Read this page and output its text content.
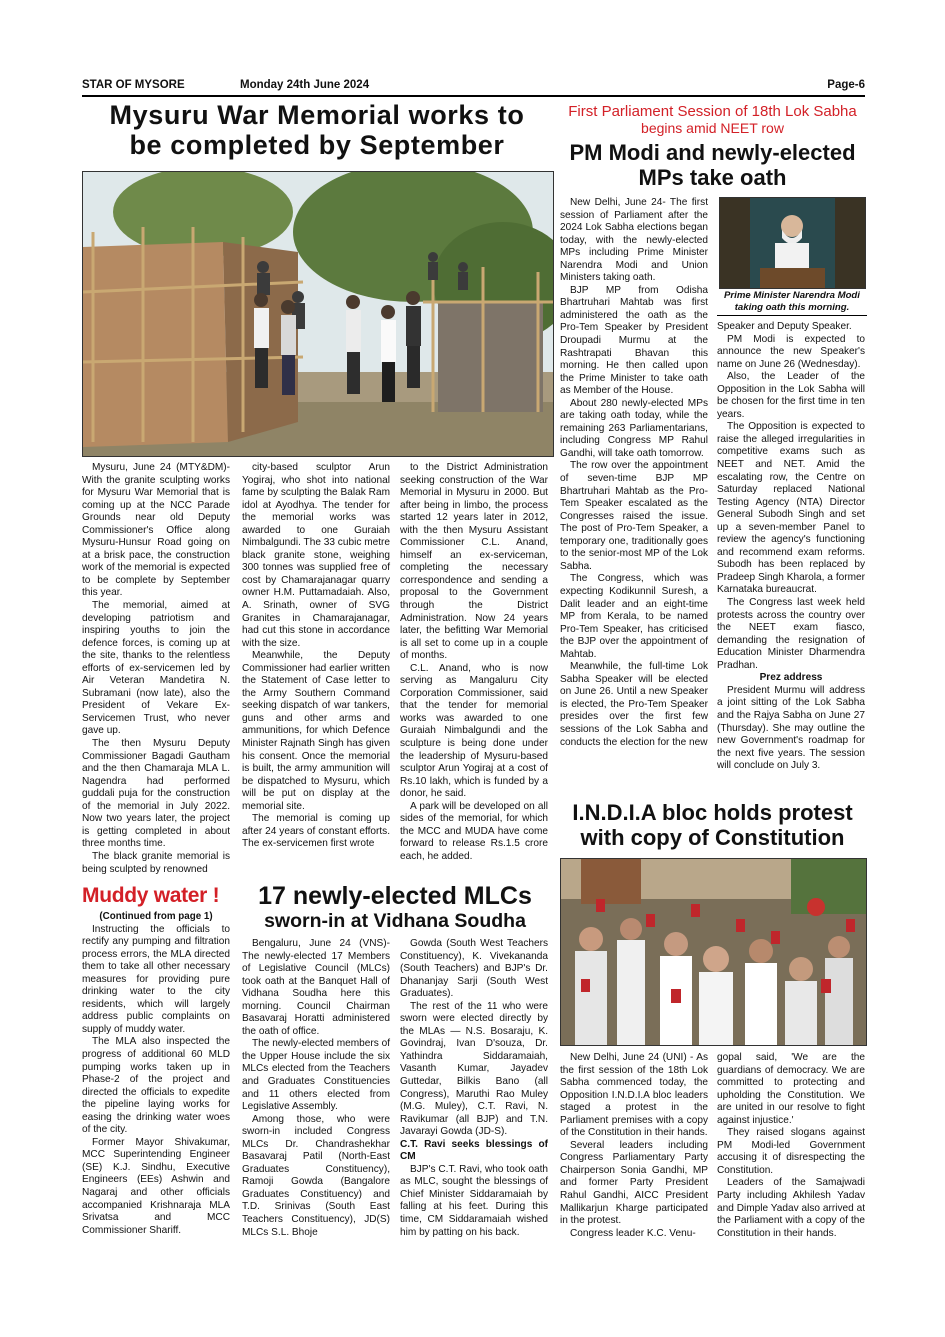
STAR OF MYSORE	Monday 24th June 2024	Page-6
Mysuru War Memorial works to
be completed by September

Mysuru, June 24 (MTY&DM)- With the granite sculpting works for Mysuru War Memorial that is coming up at the NCC Parade Grounds near old Deputy Commissioner's Office along Mysuru-Hunsur Road going on at a brisk pace, the construction work of the memorial is expected to be complete by September this year.

The memorial, aimed at developing patriotism and inspiring youths to join the defence forces, is coming up at the site, thanks to the relentless efforts of ex-servicemen led by Air Veteran Mandetira N. Subramani (now late), also the President of Vekare Ex-Servicemen Trust, who never gave up.

The then Mysuru Deputy Commissioner Bagadi Gautham and the then Chamaraja MLA L. Nagendra had performed guddali puja for the construction of the memorial in July 2022. Now two years later, the project is getting completed in about three months time.

The black granite memorial is being sculpted by renowned

city-based sculptor Arun Yogiraj, who shot into national fame by sculpting the Balak Ram idol at Ayodhya. The tender for the memorial works was awarded to one Guraiah Nimbalgundi. The 33 cubic metre black granite stone, weighing 300 tonnes was supplied free of cost by Chamarajanagar quarry owner H.M. Puttamadaiah. Also, A. Srinath, owner of SVG Granites in Chamarajanagar, had cut this stone in accordance with the size.

Meanwhile, the Deputy Commissioner had earlier written the Statement of Case letter to the Army Southern Command seeking dispatch of war tankers, guns and other arms and ammunitions, for which Defence Minister Rajnath Singh has given his consent. Once the memorial is built, the army ammunition will be dispatched to Mysuru, which will be put on display at the memorial site.

The memorial is coming up after 24 years of constant efforts. The ex-servicemen first wrote

to the District Administration seeking construction of the War Memorial in Mysuru in 2000. But after being in limbo, the process started 12 years later in 2012, with the then Mysuru Assistant Commissioner C.L. Anand, himself an ex-serviceman, completing the necessary correspondence and sending a proposal to the Government through the District Administration. Now 24 years later, the befitting War Memorial is all set to come up in a couple of months.

C.L. Anand, who is now serving as Mangaluru City Corporation Commissioner, said that the tender for memorial works was awarded to one Guraiah Nimbalgundi and the sculpture is being done under the leadership of Mysuru-based sculptor Arun Yogiraj at a cost of Rs.10 lakh, which is funded by a donor, he said.

A park will be developed on all sides of the memorial, for which the MCC and MUDA have come forward to release Rs.1.5 crore each, he added.

Muddy water !

(Continued from page 1)

Instructing the officials to rectify any pumping and filtration process errors, the MLA directed them to take all other necessary measures for providing pure drinking water to the city residents, which will largely address public complaints on supply of muddy water.

The MLA also inspected the progress of additional 60 MLD pumping works taken up in Phase-2 of the project and directed the officials to expedite the pipeline laying works for easing the drinking water woes of the city.

Former Mayor Shivakumar, MCC Superintending Engineer (SE) K.J. Sindhu, Executive Engineers (EEs) Ashwin and Nagaraj and other officials accompanied Krishnaraja MLA Srivatsa and MCC Commissioner Shariff.

17 newly-elected MLCs
sworn-in at Vidhana Soudha

Bengaluru, June 24 (VNS)- The newly-elected 17 Members of Legislative Council (MLCs) took oath at the Banquet Hall of Vidhana Soudha here this morning. Council Chairman Basavaraj Horatti administered the oath of office.

The newly-elected members of the Upper House include the six MLCs elected from the Teachers and Graduates Constituencies and 11 others elected from Legislative Assembly.

Among those, who were sworn-in included Congress MLCs Dr. Chandrashekhar Basavaraj Patil (North-East Graduates Constituency), Ramoji Gowda (Bangalore Graduates Constituency) and T.D. Srinivas (South East Teachers Constituency), JD(S) MLCs S.L. Bhoje

Gowda (South West Teachers Constituency), K. Vivekananda (South Teachers) and BJP's Dr. Dhananjay Sarji (South West Graduates).

The rest of the 11 who were sworn were elected directly by the MLAs — N.S. Bosaraju, K. Govindraj, Ivan D'souza, Dr. Yathindra Siddaramaiah, Vasanth Kumar, Jayadev Guttedar, Bilkis Bano (all Congress), Maruthi Rao Muley (M.G. Muley), C.T. Ravi, N. Ravikumar (all BJP) and T.N. Javarayi Gowda (JD-S).

C.T. Ravi seeks blessings of CM

BJP's C.T. Ravi, who took oath as MLC, sought the blessings of Chief Minister Siddaramaiah by falling at his feet. During this time, CM Siddaramaiah wished him by patting on his back.

First Parliament Session of 18th Lok Sabha
begins amid NEET row
PM Modi and newly-elected
MPs take oath
Prime Minister Narendra Modi
taking oath this morning.

New Delhi, June 24- The first session of Parliament after the 2024 Lok Sabha elections began today, with the newly-elected MPs including Prime Minister Narendra Modi and Union Ministers taking oath.

BJP MP from Odisha Bhartruhari Mahtab was first administered the oath as the Pro-Tem Speaker by President Droupadi Murmu at the Rashtrapati Bhavan this morning. He then called upon the Prime Minister to take oath as Member of the House.

About 280 newly-elected MPs are taking oath today, while the remaining 263 Parliamentarians, including Congress MP Rahul Gandhi, will take oath tomorrow.

The row over the appointment of seven-time BJP MP Bhartruhari Mahtab as the Pro-Tem Speaker escalated as the Congresses raised the issue. The post of Pro-Tem Speaker, a temporary one, traditionally goes to the senior-most MP of the Lok Sabha.

The Congress, which was expecting Kodikunnil Suresh, a Dalit leader and an eight-time MP from Kerala, to be named Pro-Tem Speaker, has criticised the BJP over the appointment of Mahtab.

Meanwhile, the full-time Lok Sabha Speaker will be elected on June 26. Until a new Speaker is elected, the Pro-Tem Speaker presides over the first few sessions of the Lok Sabha and conducts the election for the new

Speaker and Deputy Speaker.

PM Modi is expected to announce the new Speaker's name on June 26 (Wednesday).

Also, the Leader of the Opposition in the Lok Sabha will be chosen for the first time in ten years.

The Opposition is expected to raise the alleged irregularities in competitive exams such as NEET and NET. Amid the escalating row, the Centre on Saturday replaced National Testing Agency (NTA) Director General Subodh Singh and set up a seven-member Panel to review the agency's functioning and recommend exam reforms. Subodh has been replaced by Pradeep Singh Kharola, a former Karnataka bureaucrat.

The Congress last week held protests across the country over the NEET exam fiasco, demanding the resignation of Education Minister Dharmendra Pradhan.

Prez address

President Murmu will address a joint sitting of the Lok Sabha and the Rajya Sabha on June 27 (Thursday). She may outline the new Government's roadmap for the next five years. The session will conclude on July 3.

I.N.D.I.A bloc holds protest
with copy of Constitution

New Delhi, June 24 (UNI) - As the first session of the 18th Lok Sabha commenced today, the Opposition I.N.D.I.A bloc leaders staged a protest in the Parliament premises with a copy of the Constitution in their hands.

Several leaders including Congress Parliamentary Party Chairperson Sonia Gandhi, MP and former Party President Rahul Gandhi, AICC President Mallikarjun Kharge participated in the protest.

Congress leader K.C. Venu-

gopal said, 'We are the guardians of democracy. We are committed to protecting and upholding the Constitution. We are united in our resolve to fight against injustice.'

They raised slogans against PM Modi-led Government accusing it of disrespecting the Constitution.

Leaders of the Samajwadi Party including Akhilesh Yadav and Dimple Yadav also arrived at the Parliament with a copy of the Constitution in their hands.
